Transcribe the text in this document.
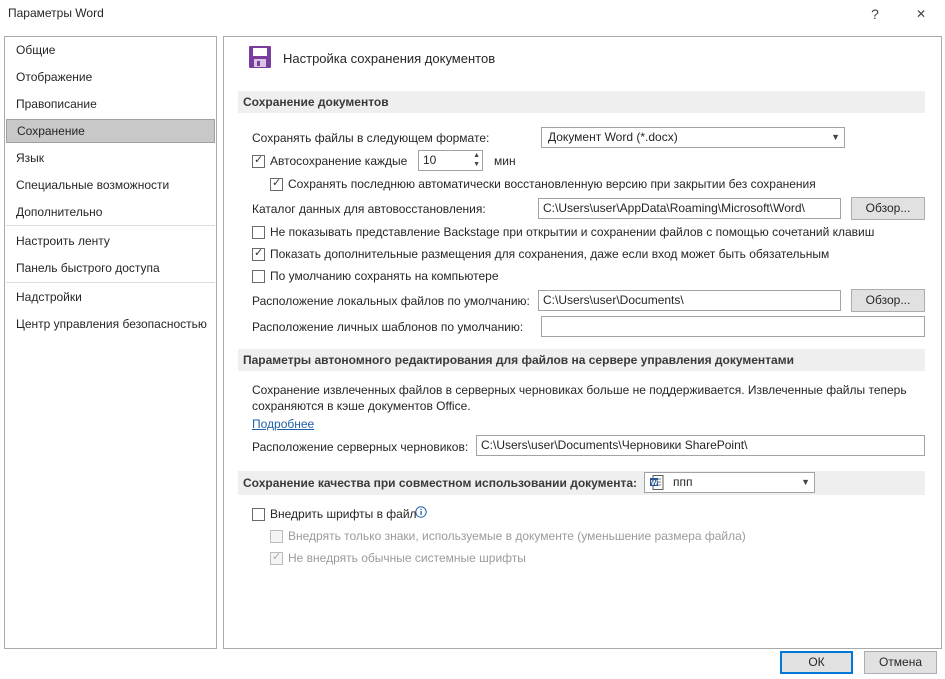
Параметры Word	?	✕
Общие
Отображение
Правописание
Сохранение
Язык
Специальные возможности
Дополнительно
Настроить ленту
Панель быстрого доступа
Надстройки
Центр управления безопасностью
Настройка сохранения документов
Сохранение документов
Сохранять файлы в следующем формате:	Документ Word (*.docx)	▼
✓ Автосохранение каждые	10	▲
▼ мин
✓ Сохранять последнюю автоматически восстановленную версию при закрытии без сохранения
Каталог данных для автовосстановления:	C:\Users\user\AppData\Roaming\Microsoft\Word\	Обзор...
Не показывать представление Backstage при открытии и сохранении файлов с помощью сочетаний клавиш
✓ Показать дополнительные размещения для сохранения, даже если вход может быть обязательным
По умолчанию сохранять на компьютере
Расположение локальных файлов по умолчанию:	C:\Users\user\Documents\	Обзор...
Расположение личных шаблонов по умолчанию:
Параметры автономного редактирования для файлов на сервере управления документами
Сохранение извлеченных файлов в серверных черновиках больше не поддерживается. Извлеченные файлы теперь
сохраняются в кэше документов Office.
Подробнее
Расположение серверных черновиков:	C:\Users\user\Documents\Черновики SharePoint\
Сохранение качества при совместном использовании документа:	W ппп	▼
Внедрить шрифты в файл
Внедрять только знаки, используемые в документе (уменьшение размера файла)
✓ Не внедрять обычные системные шрифты
ОК	Отмена
